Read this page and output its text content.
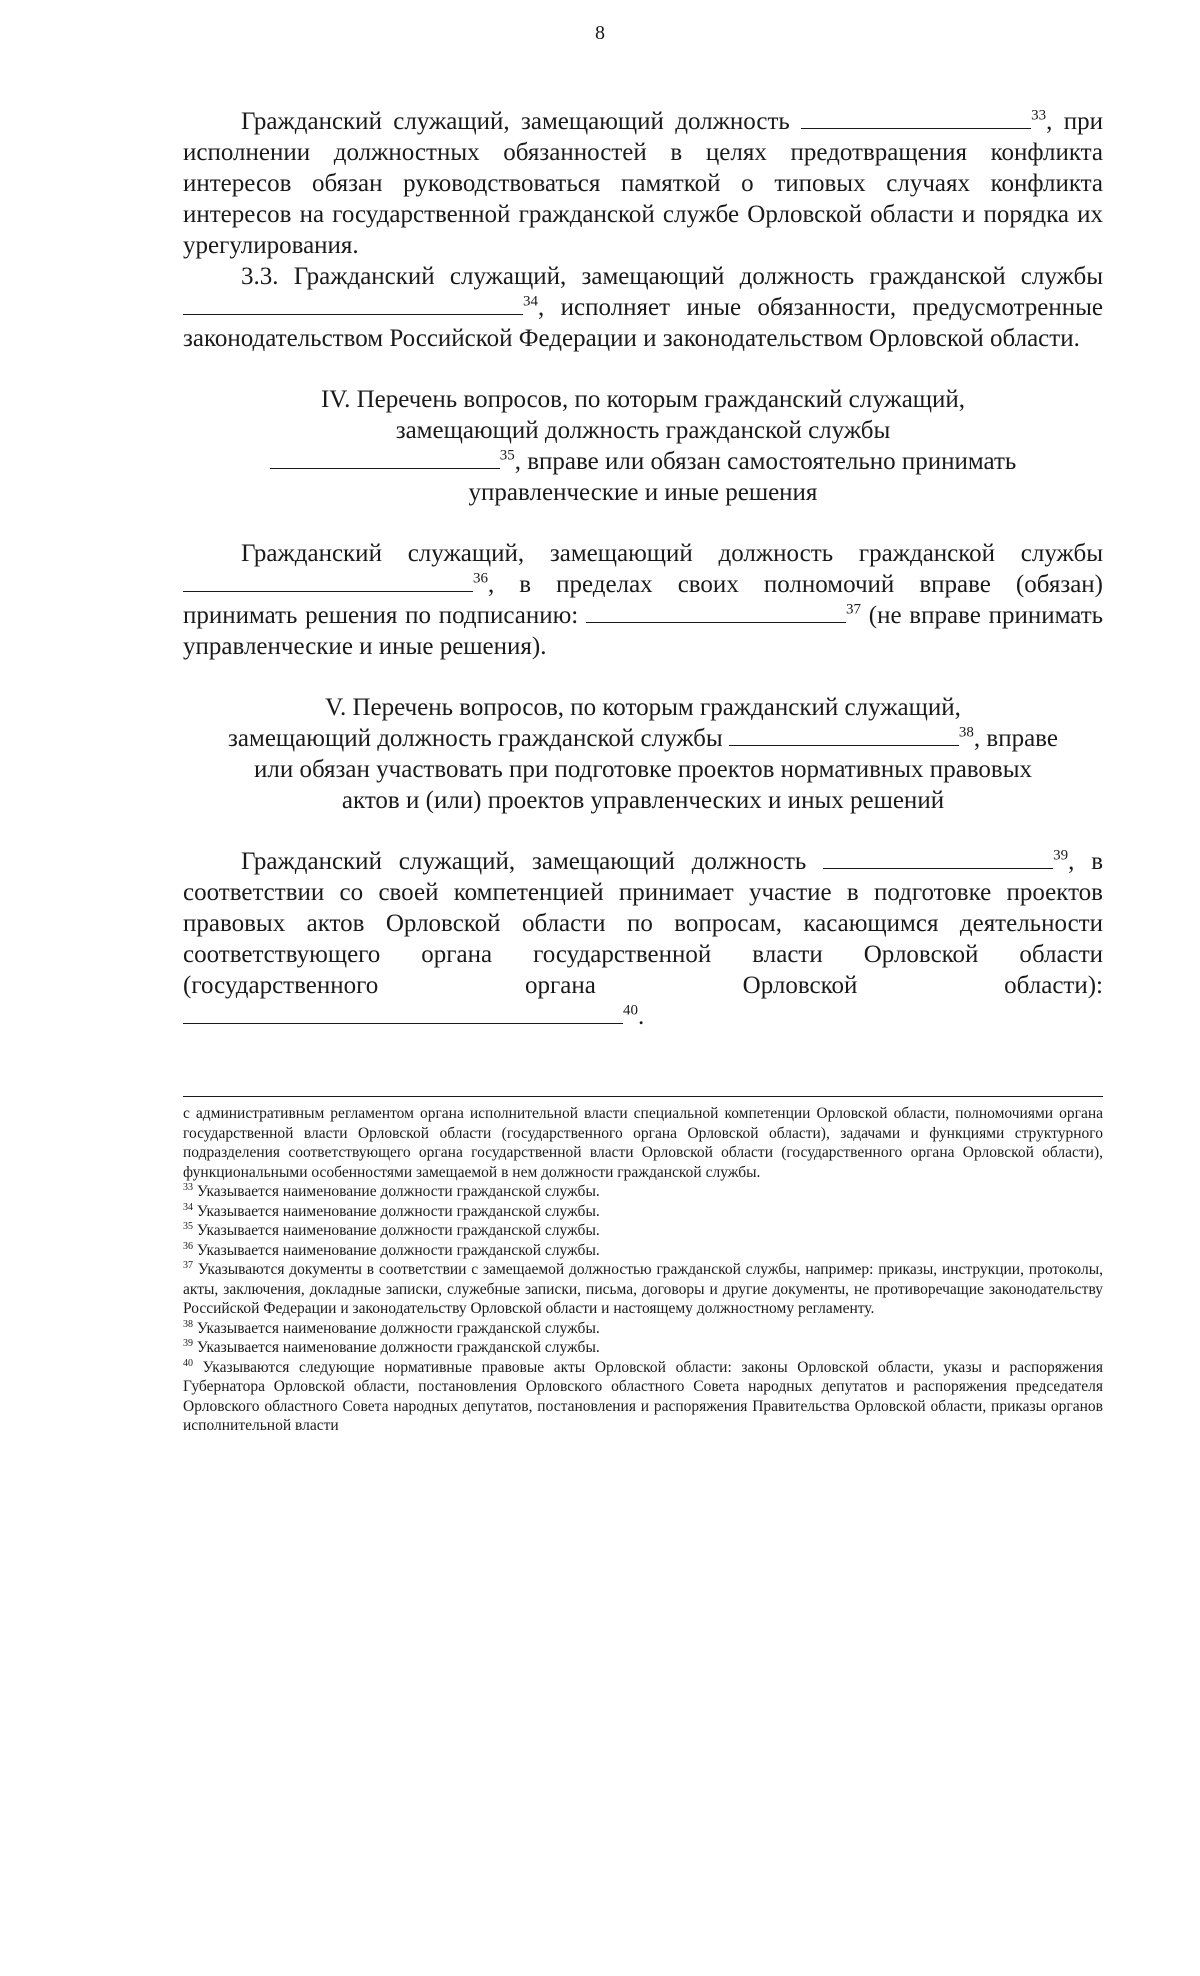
8

Гражданский служащий, замещающий должность	$^{33}$, при исполнении должностных обязанностей в целях предотвращения конфликта интересов обязан руководствоваться памяткой о типовых случаях конфликта интересов на государственной гражданской службе Орловской области и порядка их урегулирования.

3.3. Гражданский служащий, замещающий должность гражданской службы $^{34}$, исполняет иные обязанности, предусмотренные законодательством Российской Федерации и законодательством Орловской области.

IV. Перечень вопросов, по которым гражданский служащий,
замещающий должность гражданской службы
$^{35}$, вправе или обязан самостоятельно принимать
управленческие и иные решения

Гражданский служащий, замещающий должность гражданской службы $^{36}$, в пределах своих полномочий вправе (обязан) принимать решения по подписанию:	$^{37}$ (не вправе принимать управленческие и иные решения).

V. Перечень вопросов, по которым гражданский служащий,
замещающий должность гражданской службы	$^{38}$, вправе
или обязан участвовать при подготовке проектов нормативных правовых
актов и (или) проектов управленческих и иных решений

Гражданский служащий, замещающий должность	$^{39}$, в соответствии со своей компетенцией принимает участие в подготовке проектов правовых актов Орловской области по вопросам, касающимся деятельности соответствующего органа государственной власти Орловской области (государственного органа Орловской области): $^{40}$.

с административным регламентом органа исполнительной власти специальной компетенции Орловской области, полномочиями органа государственной власти Орловской области (государственного органа Орловской области), задачами и функциями структурного подразделения соответствующего органа государственной власти Орловской области (государственного органа Орловской области), функциональными особенностями замещаемой в нем должности гражданской службы.

$^{33}$ Указывается наименование должности гражданской службы.

$^{34}$ Указывается наименование должности гражданской службы.

$^{35}$ Указывается наименование должности гражданской службы.

$^{36}$ Указывается наименование должности гражданской службы.

$^{37}$ Указываются документы в соответствии с замещаемой должностью гражданской службы, например: приказы, инструкции, протоколы, акты, заключения, докладные записки, служебные записки, письма, договоры и другие документы, не противоречащие законодательству Российской Федерации и законодательству Орловской области и настоящему должностному регламенту.

$^{38}$ Указывается наименование должности гражданской службы.

$^{39}$ Указывается наименование должности гражданской службы.

$^{40}$ Указываются следующие нормативные правовые акты Орловской области: законы Орловской области, указы и распоряжения Губернатора Орловской области, постановления Орловского областного Совета народных депутатов и распоряжения председателя Орловского областного Совета народных депутатов, постановления и распоряжения Правительства Орловской области, приказы органов исполнительной власти
